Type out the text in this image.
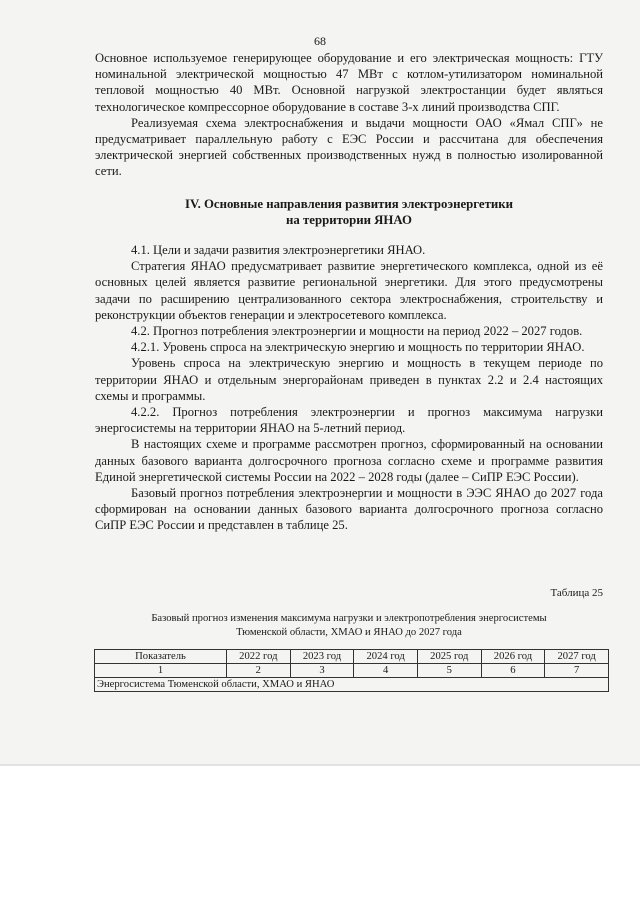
68

Основное используемое генерирующее оборудование и его электрическая мощность: ГТУ номинальной электрической мощностью 47 МВт с котлом-утилизатором номинальной тепловой мощностью 40 МВт. Основной нагрузкой электростанции будет являться технологическое компрессорное оборудование в составе 3-х линий производства СПГ.

Реализуемая схема электроснабжения и выдачи мощности ОАО «Ямал СПГ» не предусматривает параллельную работу с ЕЭС России и рассчитана для обеспечения электрической энергией собственных производственных нужд в полностью изолированной сети.

IV. Основные направления развития электроэнергетики
на территории ЯНАО

4.1. Цели и задачи развития электроэнергетики ЯНАО.

Стратегия ЯНАО предусматривает развитие энергетического комплекса, одной из её основных целей является развитие региональной энергетики. Для этого предусмотрены задачи по расширению централизованного сектора электроснабжения, строительству и реконструкции объектов генерации и электросетевого комплекса.

4.2. Прогноз потребления электроэнергии и мощности на период 2022 – 2027 годов.

4.2.1. Уровень спроса на электрическую энергию и мощность по территории ЯНАО.

Уровень спроса на электрическую энергию и мощность в текущем периоде по территории ЯНАО и отдельным энергорайонам приведен в пунктах 2.2 и 2.4 настоящих схемы и программы.

4.2.2. Прогноз потребления электроэнергии и прогноз максимума нагрузки энергосистемы на территории ЯНАО на 5-летний период.

В настоящих схеме и программе рассмотрен прогноз, сформированный на основании данных базового варианта долгосрочного прогноза согласно схеме и программе развития Единой энергетической системы России на 2022 – 2028 годы (далее – СиПР ЕЭС России).

Базовый прогноз потребления электроэнергии и мощности в ЭЭС ЯНАО до 2027 года сформирован на основании данных базового варианта долгосрочного прогноза согласно СиПР ЕЭС России и представлен в таблице 25.

Таблица 25
Базовый прогноз изменения максимума нагрузки и электропотребления энергосистемы
Тюменской области, ХМАО и ЯНАО до 2027 года
Показатель	2022 год	2023 год	2024 год	2025 год	2026 год	2027 год
1	2	3	4	5	6	7
Энергосистема Тюменской области, ХМАО и ЯНАО						
